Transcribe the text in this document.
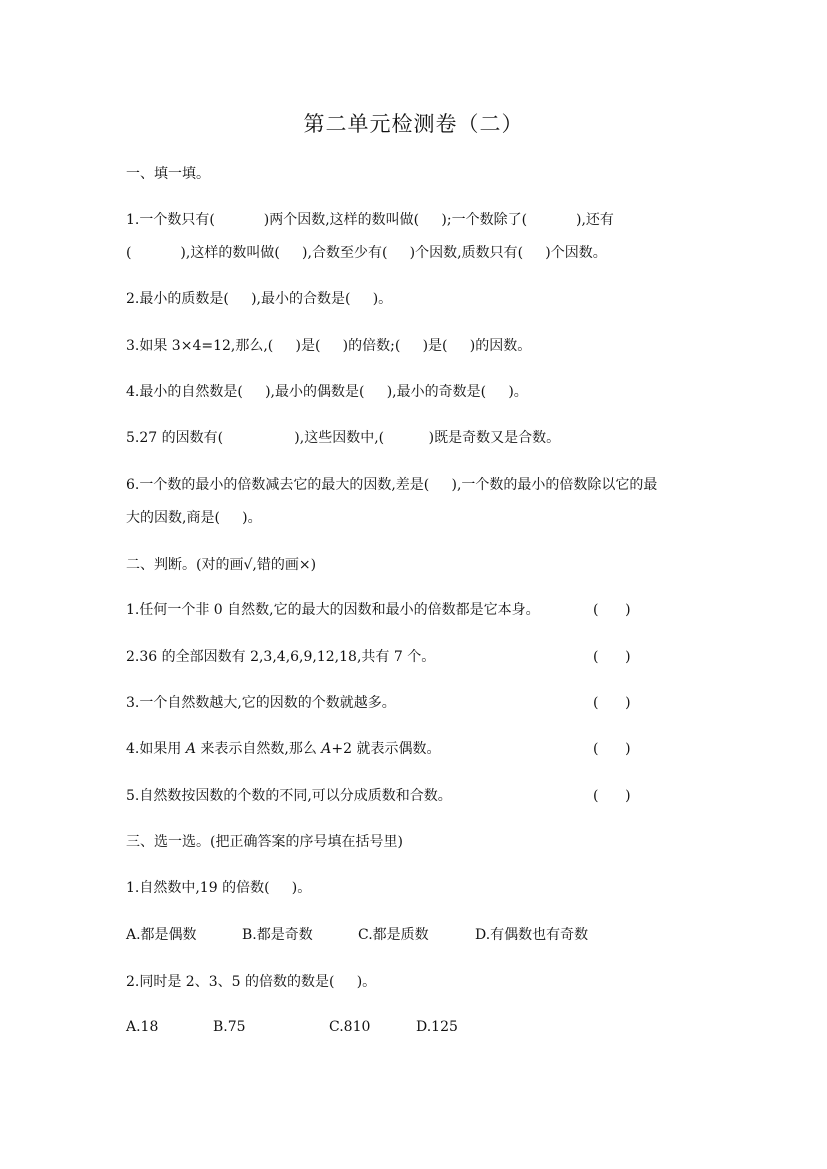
第二单元检测卷（二）
一、填一填。
1.一个数只有(           )两个因数,这样的数叫做(     );一个数除了(           ),还有
(           ),这样的数叫做(     ),合数至少有(     )个因数,质数只有(     )个因数。
2.最小的质数是(     ),最小的合数是(     )。
3.如果 3×4=12,那么,(     )是(     )的倍数;(     )是(     )的因数。
4.最小的自然数是(     ),最小的偶数是(     ),最小的奇数是(     )。
5.27 的因数有(                ),这些因数中,(          )既是奇数又是合数。
6.一个数的最小的倍数减去它的最大的因数,差是(     ),一个数的最小的倍数除以它的最
大的因数,商是(     )。
二、判断。(对的画√,错的画×)
1.任何一个非 0 自然数,它的最大的因数和最小的倍数都是它本身。	(      )
2.36 的全部因数有 2,3,4,6,9,12,18,共有 7 个。	(      )
3.一个自然数越大,它的因数的个数就越多。	(      )
4.如果用 A 来表示自然数,那么 A+2 就表示偶数。	(      )
5.自然数按因数的个数的不同,可以分成质数和合数。	(      )
三、选一选。(把正确答案的序号填在括号里)
1.自然数中,19 的倍数(     )。
A.都是偶数	B.都是奇数	C.都是质数	D.有偶数也有奇数
2.同时是 2、3、5 的倍数的数是(     )。
A.18	B.75	C.810	D.125
